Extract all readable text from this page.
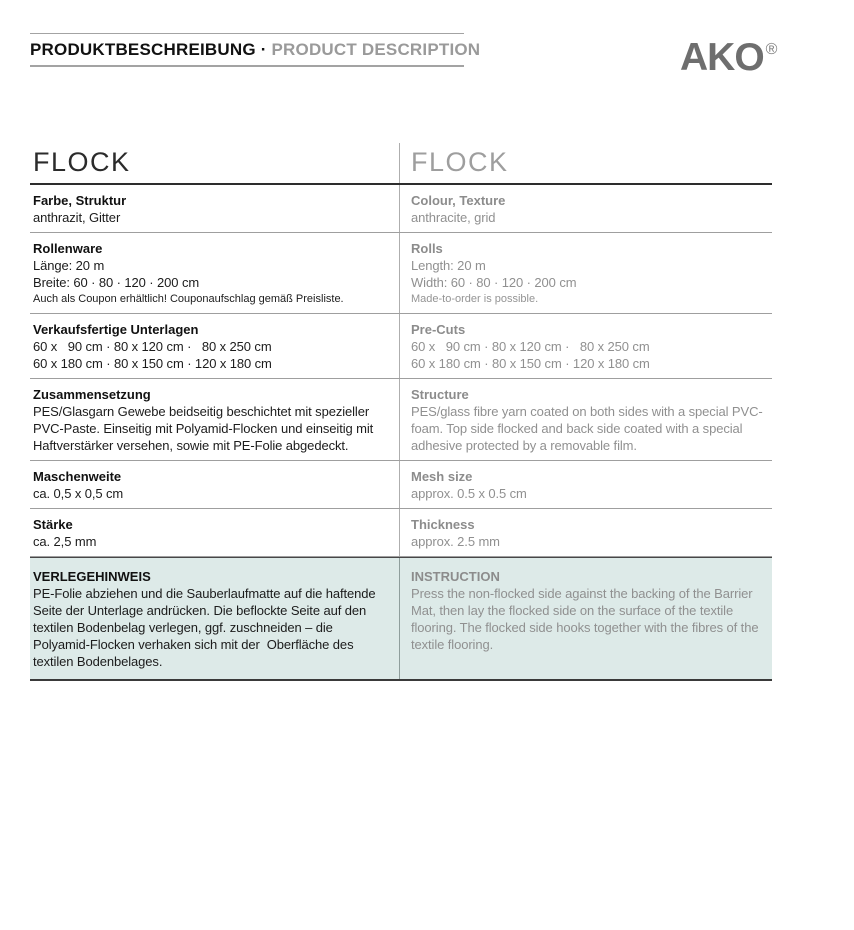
PRODUKTBESCHREIBUNG · PRODUCT DESCRIPTION	AKO ®
FLOCK	FLOCK
Farbe, Struktur
anthrazit, Gitter
Colour, Texture
anthracite, grid
Rollenware
Länge: 20 m
Breite: 60 · 80 · 120 · 200 cm
Auch als Coupon erhältlich! Couponaufschlag gemäß Preisliste.
Rolls
Length: 20 m
Width: 60 · 80 · 120 · 200 cm
Made-to-order is possible.
Verkaufsfertige Unterlagen
60 x   90 cm · 80 x 120 cm ·   80 x 250 cm
60 x 180 cm · 80 x 150 cm · 120 x 180 cm
Pre-Cuts
60 x   90 cm · 80 x 120 cm ·   80 x 250 cm
60 x 180 cm · 80 x 150 cm · 120 x 180 cm
Zusammensetzung
PES/Glasgarn Gewebe beidseitig beschichtet mit spezieller PVC-Paste. Einseitig mit Polyamid-Flocken und einseitig mit Haftverstärker versehen, sowie mit PE-Folie abgedeckt.
Structure
PES/glass fibre yarn coated on both sides with a special PVC-foam. Top side flocked and back side coated with a special adhesive protected by a removable film.
Maschenweite
ca. 0,5 x 0,5 cm
Mesh size
approx. 0.5 x 0.5 cm
Stärke
ca. 2,5 mm
Thickness
approx. 2.5 mm
VERLEGEHINWEIS
PE-Folie abziehen und die Sauberlaufmatte auf die haftende Seite der Unterlage andrücken. Die beflockte Seite auf den textilen Bodenbelag verlegen, ggf. zuschneiden – die Polyamid-Flocken verhaken sich mit der  Oberfläche des textilen Bodenbelages.
INSTRUCTION
Press the non-flocked side against the backing of the Barrier Mat, then lay the flocked side on the surface of the textile flooring. The flocked side hooks together with the fibres of the textile flooring.
